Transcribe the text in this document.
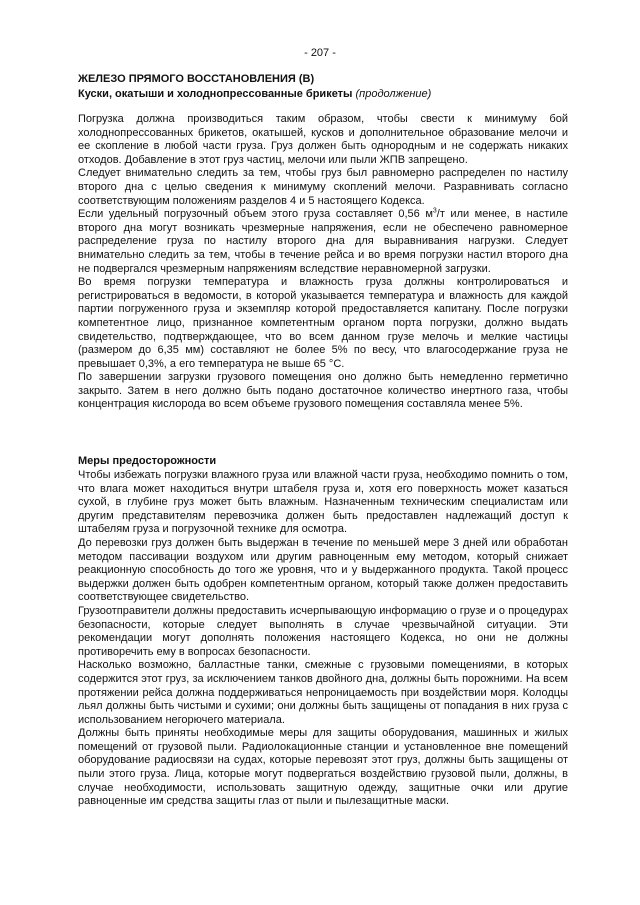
- 207 -

ЖЕЛЕЗО ПРЯМОГО ВОССТАНОВЛЕНИЯ (B)

Куски, окатыши и холоднопрессованные брикеты (продолжение)

Погрузка должна производиться таким образом, чтобы свести к минимуму бой холоднопрессованных брикетов, окатышей, кусков и дополнительное образование мелочи и ее скопление в любой части груза. Груз должен быть однородным и не содержать никаких отходов. Добавление в этот груз частиц, мелочи или пыли ЖПВ запрещено.

Следует внимательно следить за тем, чтобы груз был равномерно распределен по настилу второго дна с целью сведения к минимуму скоплений мелочи. Разравнивать согласно соответствующим положениям разделов 4 и 5 настоящего Кодекса.

Если удельный погрузочный объем этого груза составляет 0,56 $м^3/т$ или менее, в настиле второго дна могут возникать чрезмерные напряжения, если не обеспечено равномерное распределение груза по настилу второго дна для выравнивания нагрузки. Следует внимательно следить за тем, чтобы в течение рейса и во время погрузки настил второго дна не подвергался чрезмерным напряжениям вследствие неравномерной загрузки.

Во время погрузки температура и влажность груза должны контролироваться и регистрироваться в ведомости, в которой указывается температура и влажность для каждой партии погруженного груза и экземпляр которой предоставляется капитану. После погрузки компетентное лицо, признанное компетентным органом порта погрузки, должно выдать свидетельство, подтверждающее, что во всем данном грузе мелочь и мелкие частицы (размером до 6,35 мм) составляют не более 5% по весу, что влагосодержание груза не превышает 0,3%, а его температура не выше 65 °С.

По завершении загрузки грузового помещения оно должно быть немедленно герметично закрыто. Затем в него должно быть подано достаточное количество инертного газа, чтобы концентрация кислорода во всем объеме грузового помещения составляла менее 5%.

Меры предосторожности

Чтобы избежать погрузки влажного груза или влажной части груза, необходимо помнить о том, что влага может находиться внутри штабеля груза и, хотя его поверхность может казаться сухой, в глубине груз может быть влажным. Назначенным техническим специалистам или другим представителям перевозчика должен быть предоставлен надлежащий доступ к штабелям груза и погрузочной технике для осмотра.

До перевозки груз должен быть выдержан в течение по меньшей мере 3 дней или обработан методом пассивации воздухом или другим равноценным ему методом, который снижает реакционную способность до того же уровня, что и у выдержанного продукта. Такой процесс выдержки должен быть одобрен компетентным органом, который также должен предоставить соответствующее свидетельство.

Грузоотправители должны предоставить исчерпывающую информацию о грузе и о процедурах безопасности, которые следует выполнять в случае чрезвычайной ситуации. Эти рекомендации могут дополнять положения настоящего Кодекса, но они не должны противоречить ему в вопросах безопасности.

Насколько возможно, балластные танки, смежные с грузовыми помещениями, в которых содержится этот груз, за исключением танков двойного дна, должны быть порожними. На всем протяжении рейса должна поддерживаться непроницаемость при воздействии моря. Колодцы льял должны быть чистыми и сухими; они должны быть защищены от попадания в них груза с использованием негорючего материала.

Должны быть приняты необходимые меры для защиты оборудования, машинных и жилых помещений от грузовой пыли. Радиолокационные станции и установленное вне помещений оборудование радиосвязи на судах, которые перевозят этот груз, должны быть защищены от пыли этого груза. Лица, которые могут подвергаться воздействию грузовой пыли, должны, в случае необходимости, использовать защитную одежду, защитные очки или другие равноценные им средства защиты глаз от пыли и пылезащитные маски.
